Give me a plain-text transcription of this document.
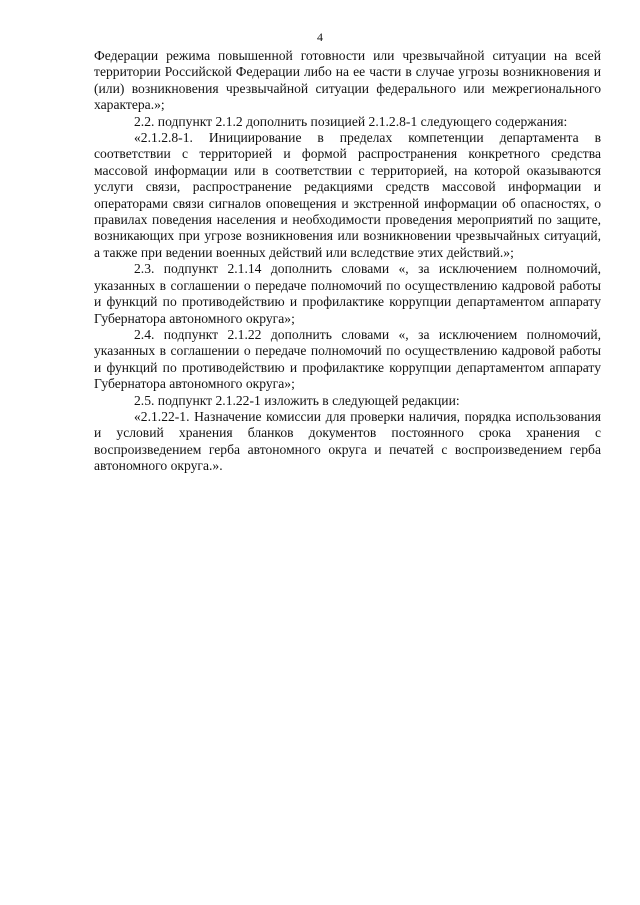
4

Федерации режима повышенной готовности или чрезвычайной ситуации на всей территории Российской Федерации либо на ее части в случае угрозы возникновения и (или) возникновения чрезвычайной ситуации федерального или межрегионального характера.»;

2.2. подпункт 2.1.2 дополнить позицией 2.1.2.8-1 следующего содержания:

«2.1.2.8-1. Инициирование в пределах компетенции департамента в соответствии с территорией и формой распространения конкретного средства массовой информации или в соответствии с территорией, на которой оказываются услуги связи, распространение редакциями средств массовой информации и операторами связи сигналов оповещения и экстренной информации об опасностях, о правилах поведения населения и необходимости проведения мероприятий по защите, возникающих при угрозе возникновения или возникновении чрезвычайных ситуаций, а также при ведении военных действий или вследствие этих действий.»;

2.3. подпункт 2.1.14 дополнить словами «, за исключением полномочий, указанных в соглашении о передаче полномочий по осуществлению кадровой работы и функций по противодействию и профилактике коррупции департаментом аппарату Губернатора автономного округа»;

2.4. подпункт 2.1.22 дополнить словами «, за исключением полномочий, указанных в соглашении о передаче полномочий по осуществлению кадровой работы и функций по противодействию и профилактике коррупции департаментом аппарату Губернатора автономного округа»;

2.5. подпункт 2.1.22-1 изложить в следующей редакции:

«2.1.22-1. Назначение комиссии для проверки наличия, порядка использования и условий хранения бланков документов постоянного срока хранения с воспроизведением герба автономного округа и печатей с воспроизведением герба автономного округа.».
